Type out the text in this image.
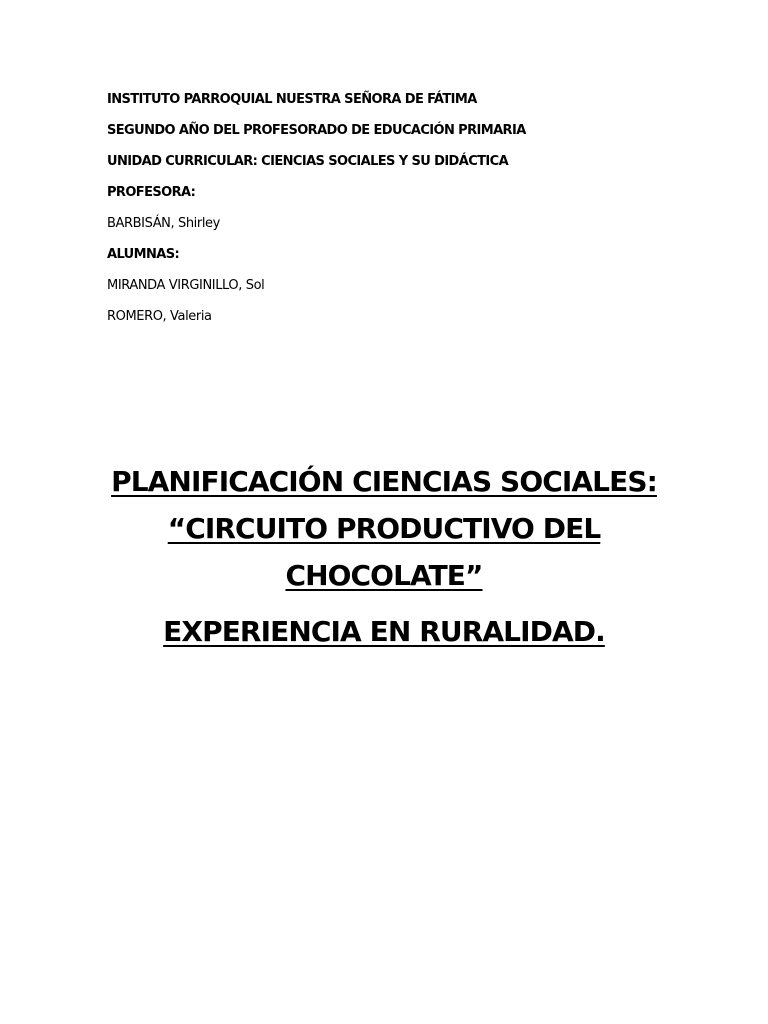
INSTITUTO PARROQUIAL NUESTRA SEÑORA DE FÁTIMA
SEGUNDO AÑO DEL PROFESORADO DE EDUCACIÓN PRIMARIA
UNIDAD CURRICULAR: CIENCIAS SOCIALES Y SU DIDÁCTICA
PROFESORA:
BARBISÁN, Shirley
ALUMNAS:
MIRANDA VIRGINILLO, Sol
ROMERO, Valeria
PLANIFICACIÓN CIENCIAS SOCIALES:
“CIRCUITO PRODUCTIVO DEL
CHOCOLATE”
EXPERIENCIA EN RURALIDAD.
